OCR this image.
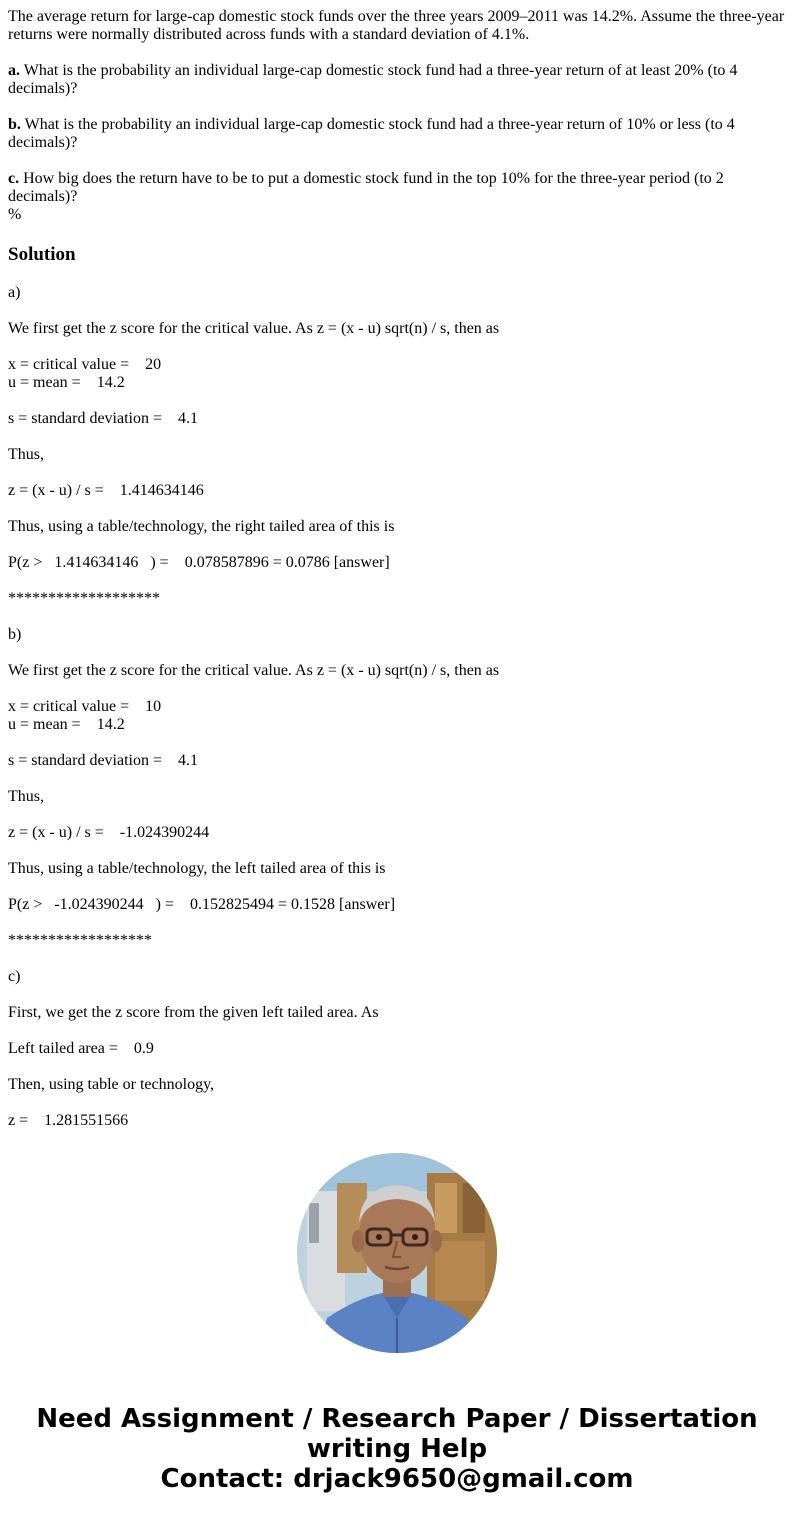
The average return for large-cap domestic stock funds over the three years 2009–2011 was 14.2%. Assume the three-year returns were normally distributed across funds with a standard deviation of 4.1%.

a. What is the probability an individual large-cap domestic stock fund had a three-year return of at least 20% (to 4 decimals)?

b. What is the probability an individual large-cap domestic stock fund had a three-year return of 10% or less (to 4 decimals)?

c. How big does the return have to be to put a domestic stock fund in the top 10% for the three-year period (to 2 decimals)?
%

Solution

a)

We first get the z score for the critical value. As z = (x - u) sqrt(n) / s, then as

x = critical value =    20
u = mean =    14.2

s = standard deviation =    4.1

Thus,

z = (x - u) / s =    1.414634146

Thus, using a table/technology, the right tailed area of this is

P(z >   1.414634146   ) =    0.078587896 = 0.0786 [answer]

*******************

b)

We first get the z score for the critical value. As z = (x - u) sqrt(n) / s, then as

x = critical value =    10
u = mean =    14.2

s = standard deviation =    4.1

Thus,

z = (x - u) / s =    -1.024390244

Thus, using a table/technology, the left tailed area of this is

P(z >   -1.024390244   ) =    0.152825494 = 0.1528 [answer]

******************

c)

First, we get the z score from the given left tailed area. As

Left tailed area =    0.9

Then, using table or technology,

z =    1.281551566

Need Assignment / Research Paper / Dissertation
writing Help
Contact: drjack9650@gmail.com
